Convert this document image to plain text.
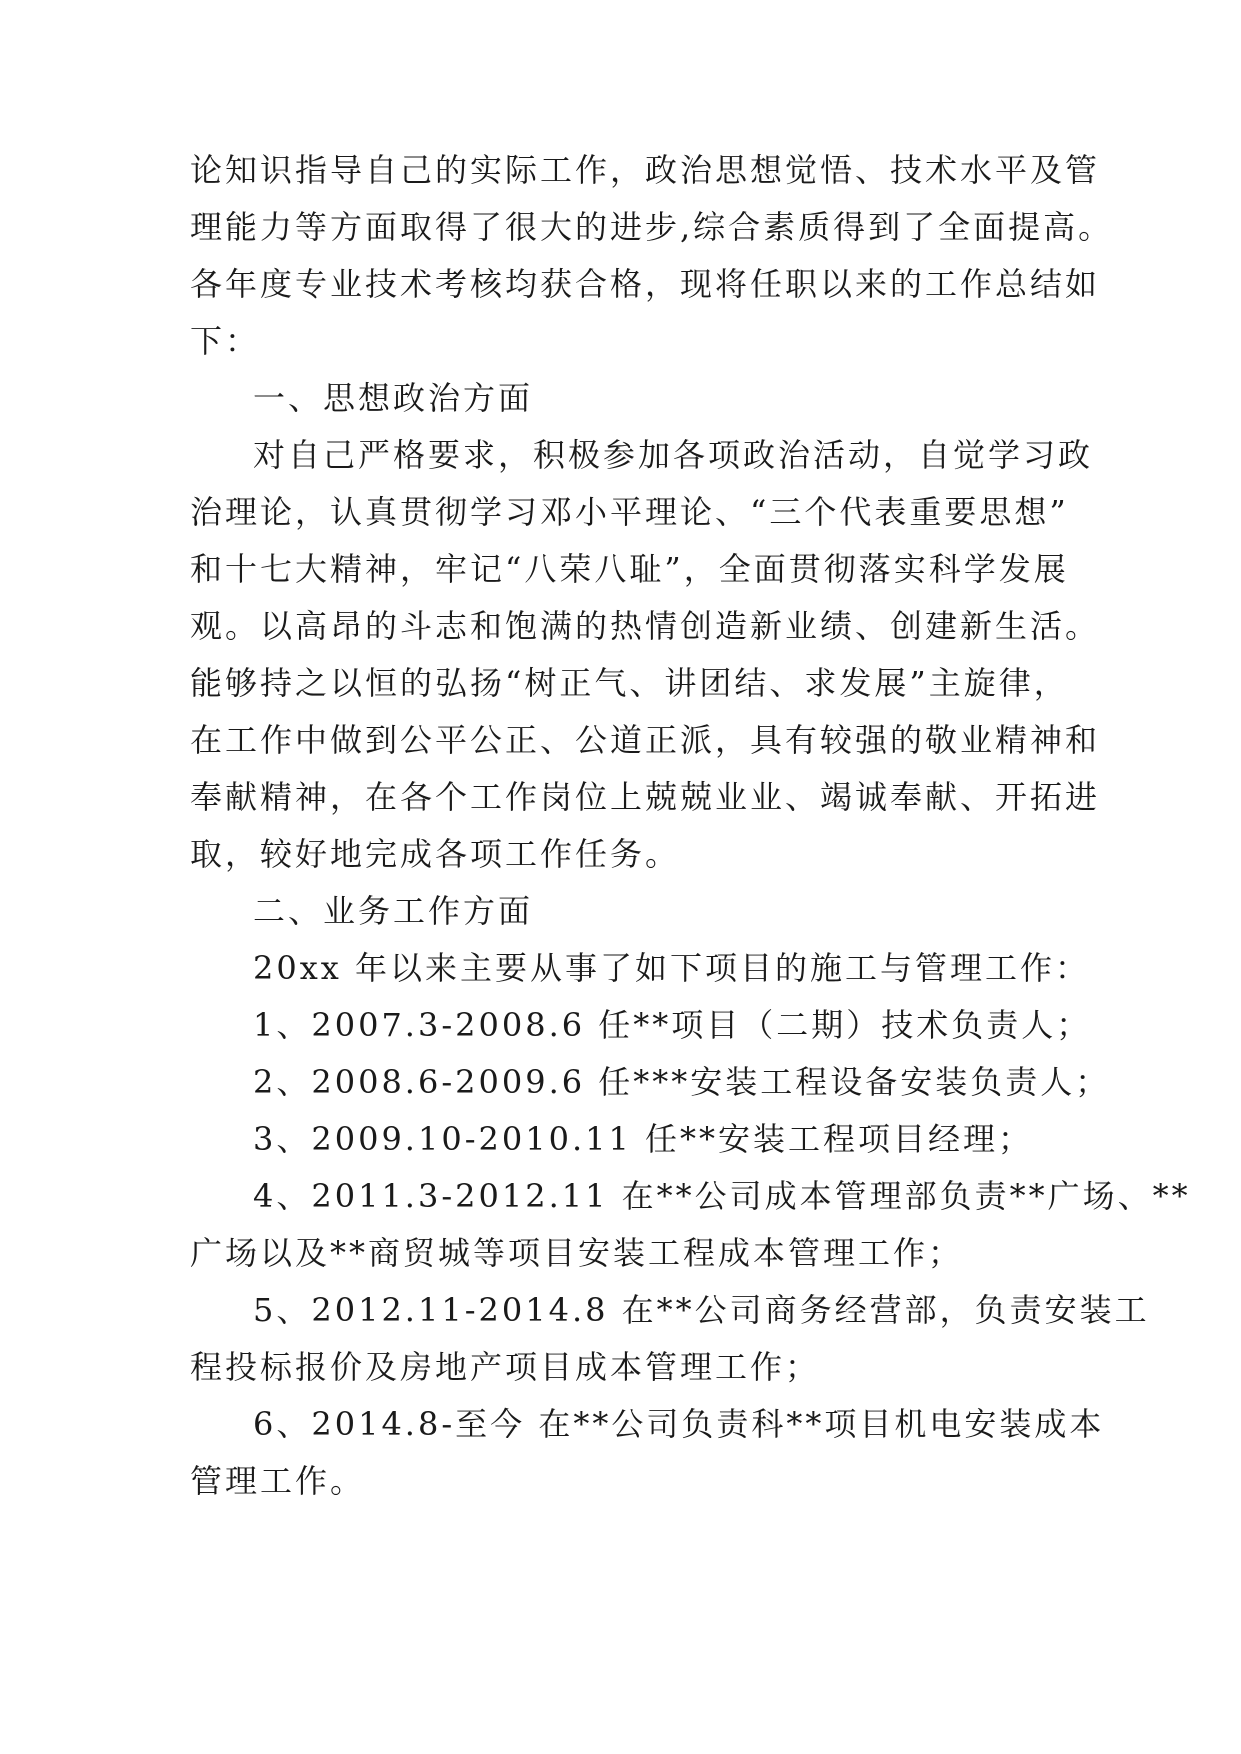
论知识指导自己的实际工作，政治思想觉悟、技术水平及管
理能力等方面取得了很大的进步,综合素质得到了全面提高。
各年度专业技术考核均获合格，现将任职以来的工作总结如
下：
一、思想政治方面
对自己严格要求，积极参加各项政治活动，自觉学习政
治理论，认真贯彻学习邓小平理论、“三个代表重要思想”
和十七大精神，牢记“八荣八耻”，全面贯彻落实科学发展
观。以高昂的斗志和饱满的热情创造新业绩、创建新生活。
能够持之以恒的弘扬“树正气、讲团结、求发展”主旋律，
在工作中做到公平公正、公道正派，具有较强的敬业精神和
奉献精神，在各个工作岗位上兢兢业业、竭诚奉献、开拓进
取，较好地完成各项工作任务。
二、业务工作方面
20xx 年以来主要从事了如下项目的施工与管理工作：
1、2007.3-2008.6 任**项目（二期）技术负责人；
2、2008.6-2009.6 任***安装工程设备安装负责人；
3、2009.10-2010.11 任**安装工程项目经理；
4、2011.3-2012.11 在**公司成本管理部负责**广场、**
广场以及**商贸城等项目安装工程成本管理工作；
5、2012.11-2014.8 在**公司商务经营部，负责安装工
程投标报价及房地产项目成本管理工作；
6、2014.8-至今 在**公司负责科**项目机电安装成本
管理工作。
